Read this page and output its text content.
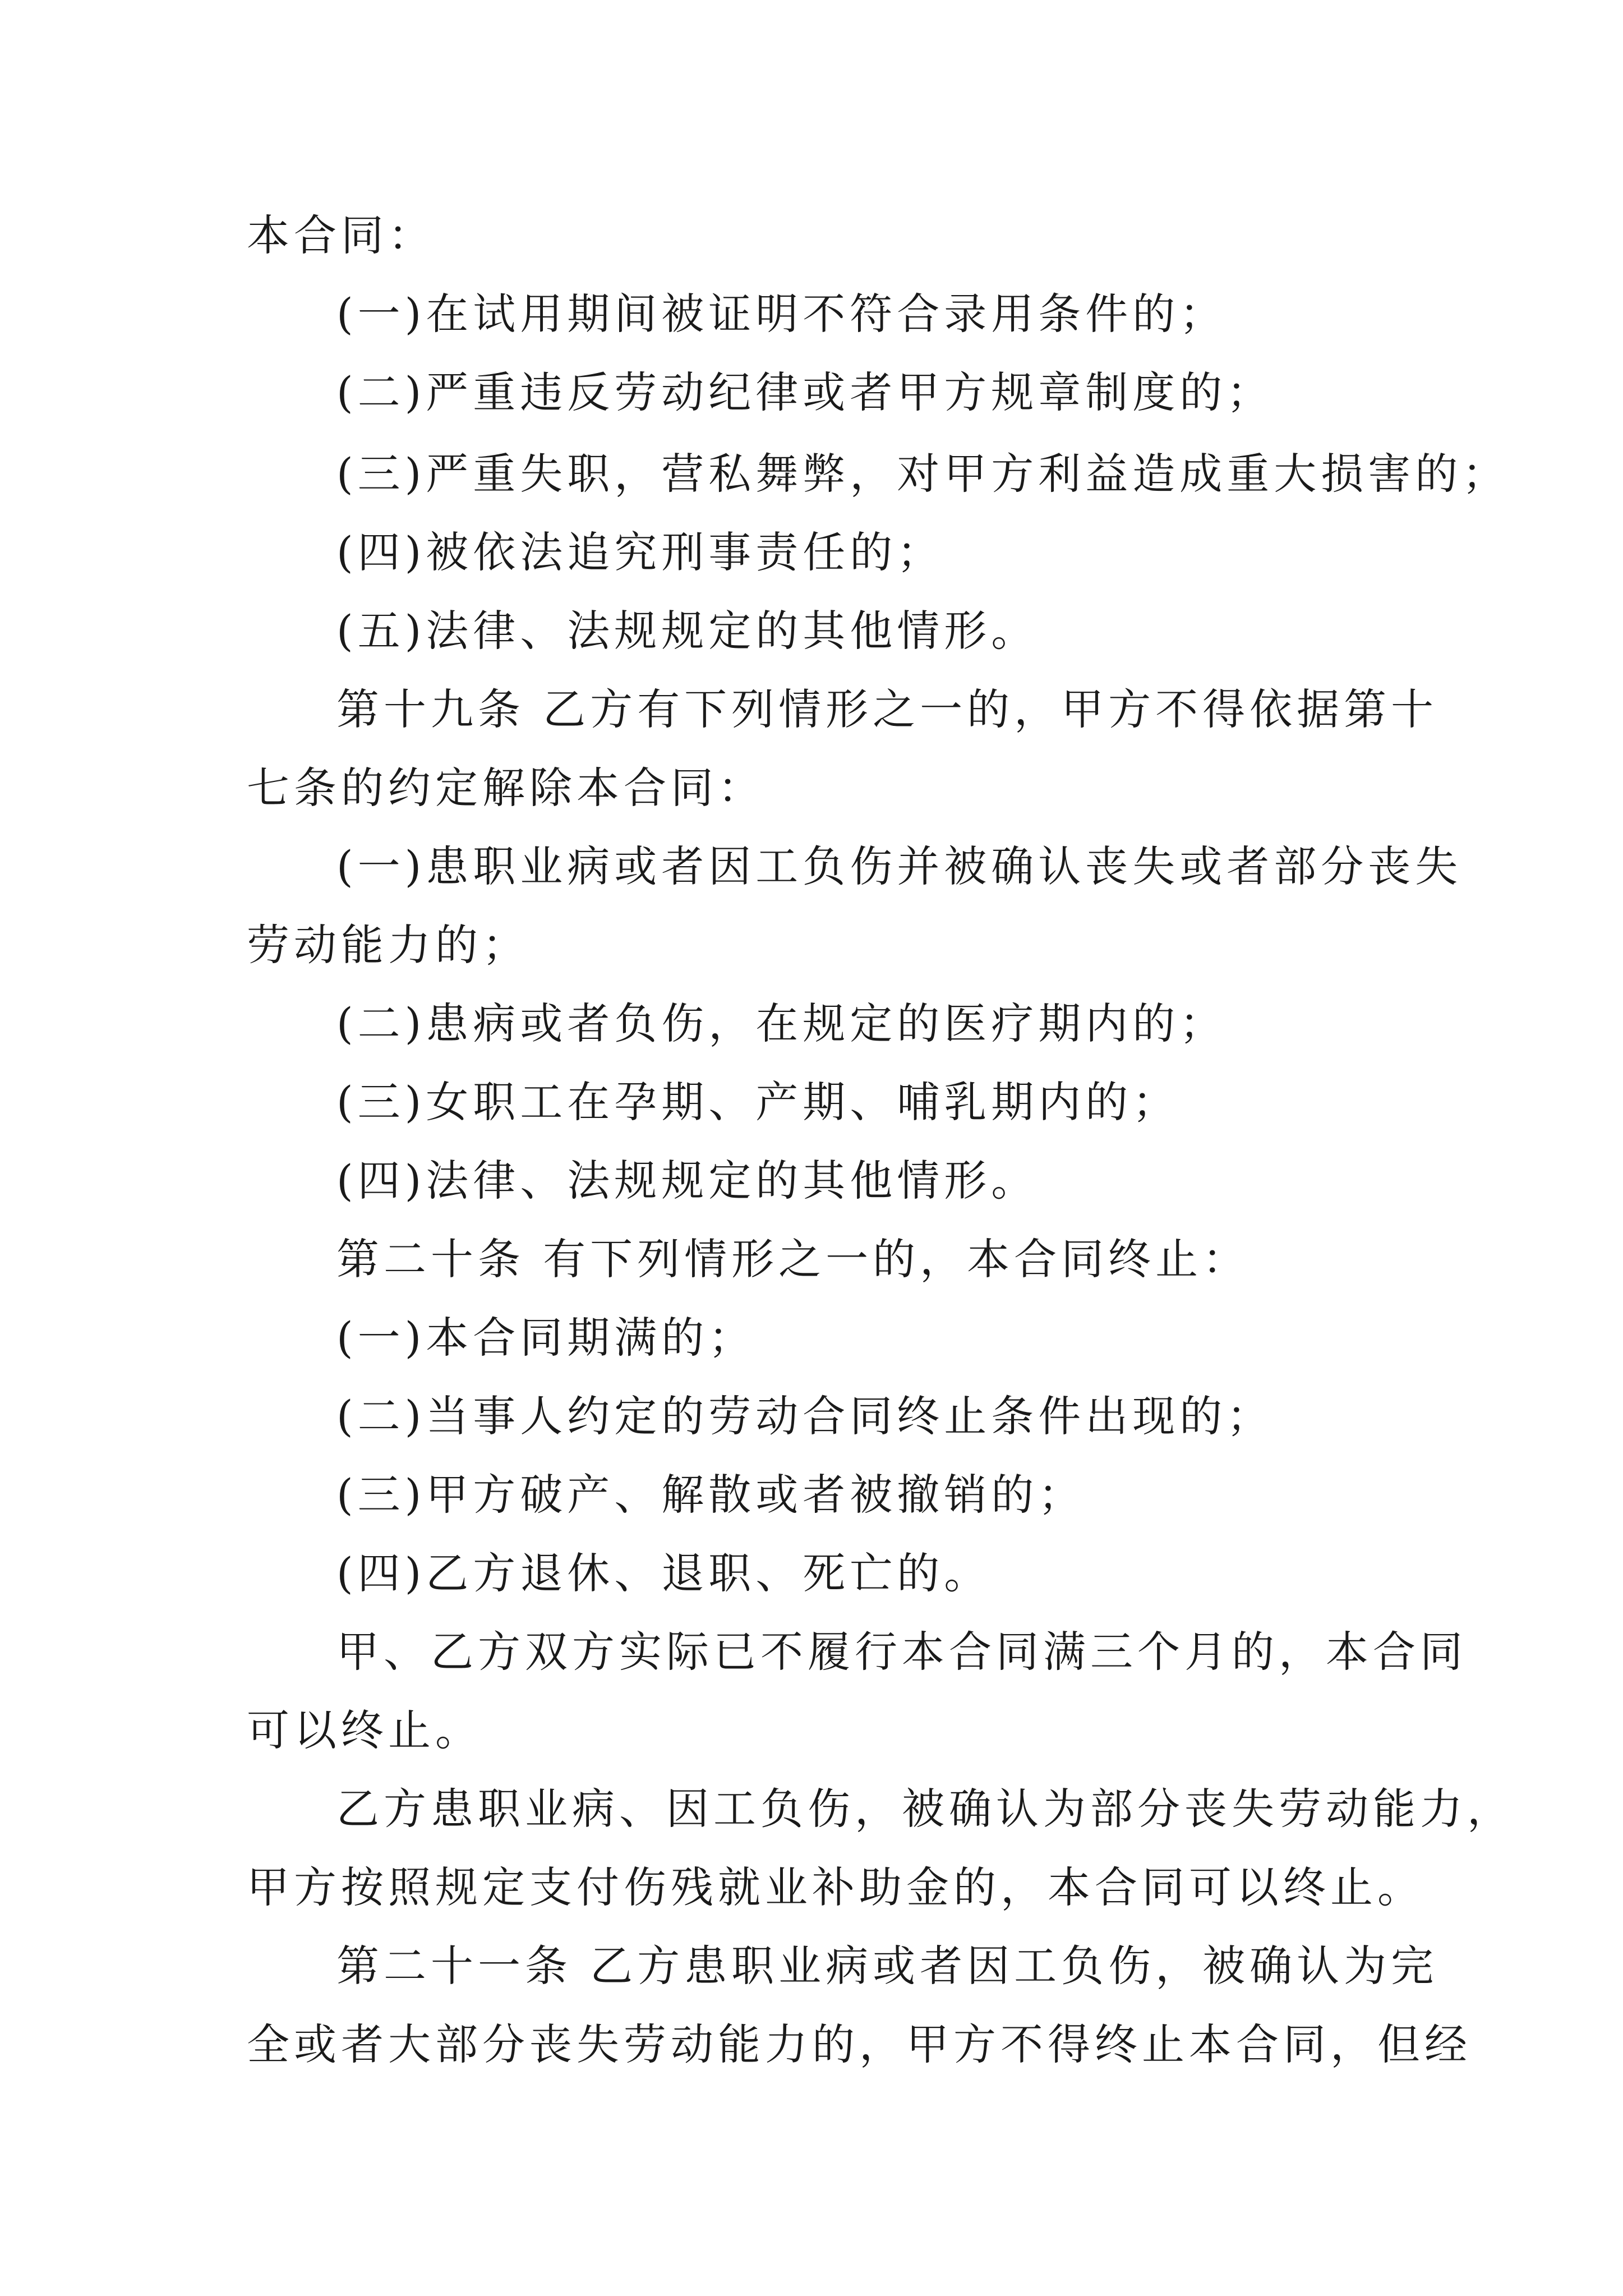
本合同：
(一)在试用期间被证明不符合录用条件的；
(二)严重违反劳动纪律或者甲方规章制度的；
(三)严重失职，营私舞弊，对甲方利益造成重大损害的；
(四)被依法追究刑事责任的；
(五)法律、法规规定的其他情形。
第十九条 乙方有下列情形之一的，甲方不得依据第十
七条的约定解除本合同：
(一)患职业病或者因工负伤并被确认丧失或者部分丧失
劳动能力的；
(二)患病或者负伤，在规定的医疗期内的；
(三)女职工在孕期、产期、哺乳期内的；
(四)法律、法规规定的其他情形。
第二十条 有下列情形之一的，本合同终止：
(一)本合同期满的；
(二)当事人约定的劳动合同终止条件出现的；
(三)甲方破产、解散或者被撤销的；
(四)乙方退休、退职、死亡的。
甲、乙方双方实际已不履行本合同满三个月的，本合同
可以终止。
乙方患职业病、因工负伤，被确认为部分丧失劳动能力，
甲方按照规定支付伤残就业补助金的，本合同可以终止。
第二十一条 乙方患职业病或者因工负伤，被确认为完
全或者大部分丧失劳动能力的，甲方不得终止本合同，但经
